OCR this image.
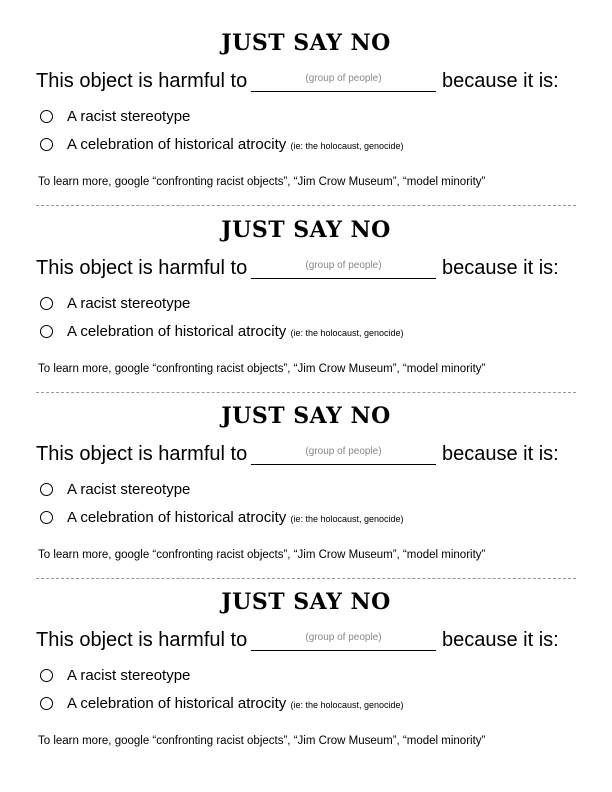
JUST SAY NO
This object is harmful to	(group of people)	because it is:
A racist stereotype
A celebration of historical atrocity (ie: the holocaust, genocide)
To learn more, google “confronting racist objects”, “Jim Crow Museum”, “model minority”
JUST SAY NO
This object is harmful to	(group of people)	because it is:
A racist stereotype
A celebration of historical atrocity (ie: the holocaust, genocide)
To learn more, google “confronting racist objects”, “Jim Crow Museum”, “model minority”
JUST SAY NO
This object is harmful to	(group of people)	because it is:
A racist stereotype
A celebration of historical atrocity (ie: the holocaust, genocide)
To learn more, google “confronting racist objects”, “Jim Crow Museum”, “model minority”
JUST SAY NO
This object is harmful to	(group of people)	because it is:
A racist stereotype
A celebration of historical atrocity (ie: the holocaust, genocide)
To learn more, google “confronting racist objects”, “Jim Crow Museum”, “model minority”
